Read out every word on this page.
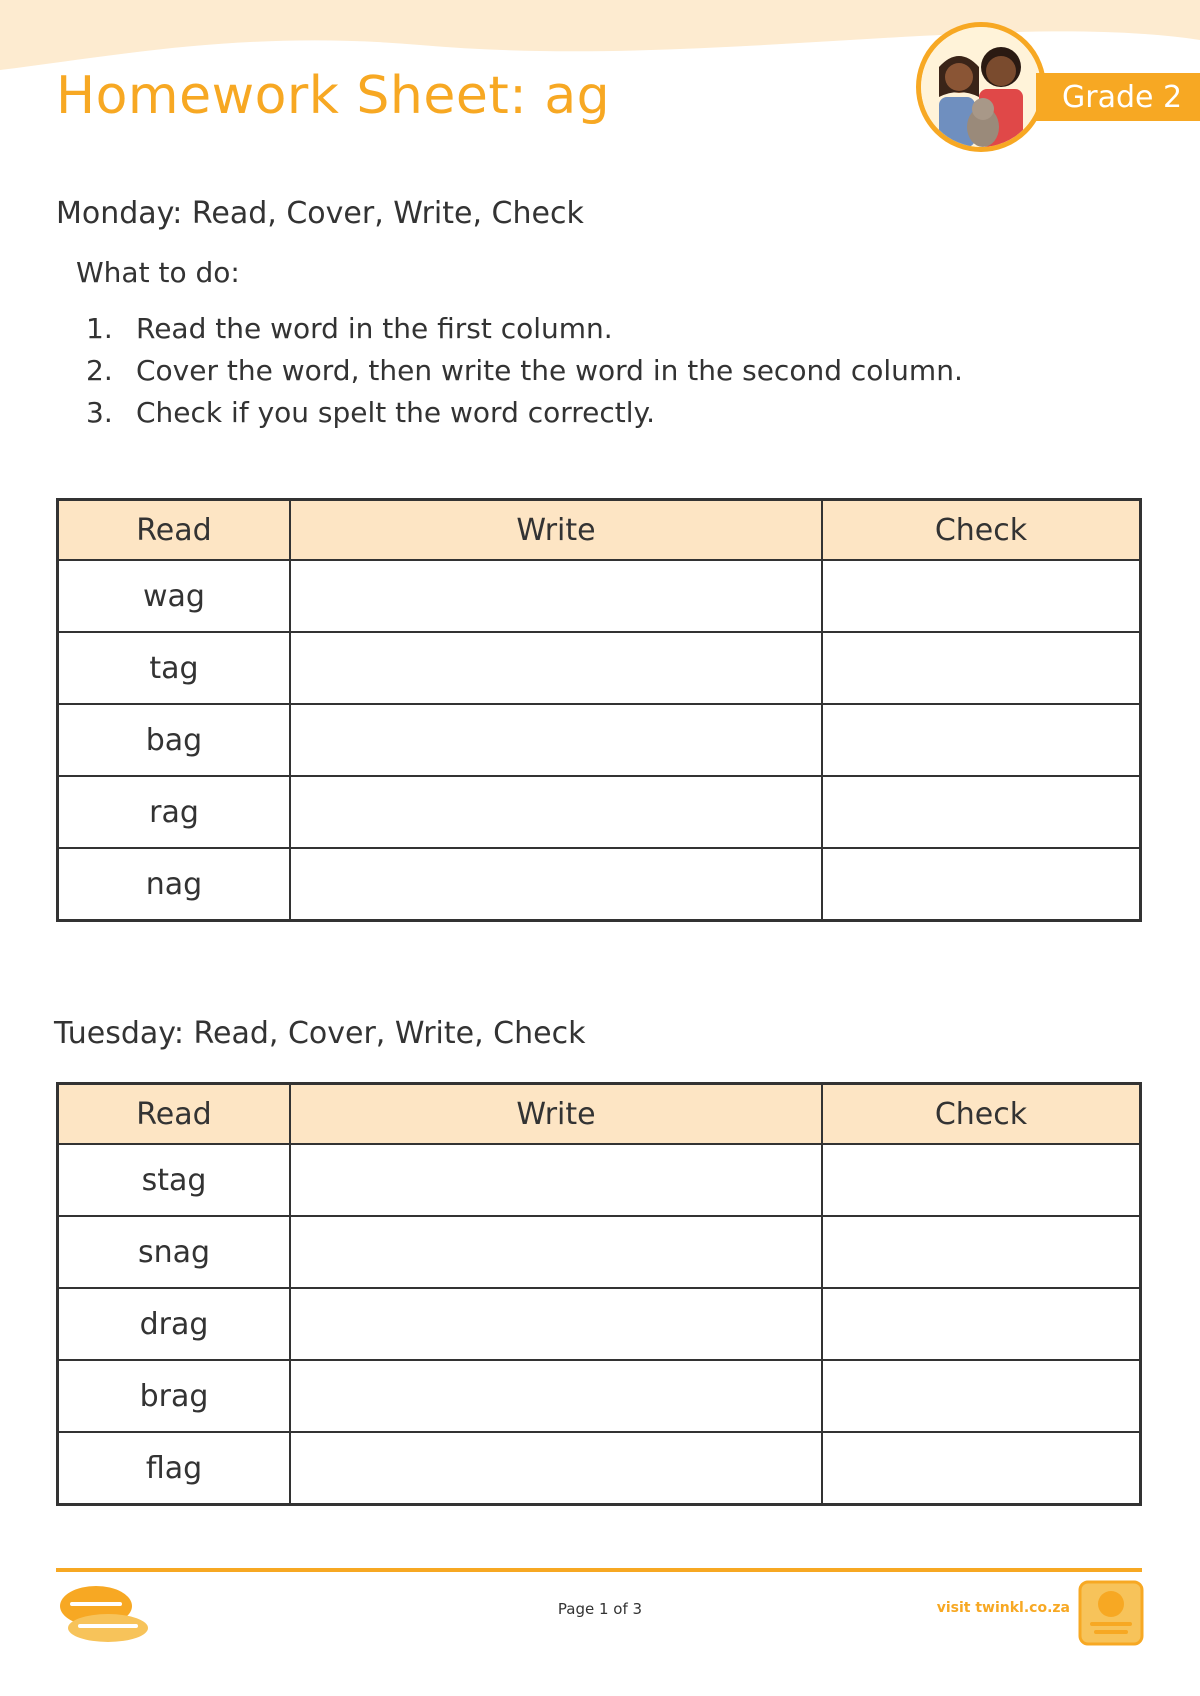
Homework Sheet: ag	Grade 2
Monday: Read, Cover, Write, Check
What to do:
1. Read the word in the first column.
2. Cover the word, then write the word in the second column.
3. Check if you spelt the word correctly.
Read	Write	Check
wag		
tag		
bag		
rag		
nag		
Tuesday: Read, Cover, Write, Check
Read	Write	Check
stag		
snag		
drag		
brag		
flag		
Page 1 of 3	visit twinkl.co.za
